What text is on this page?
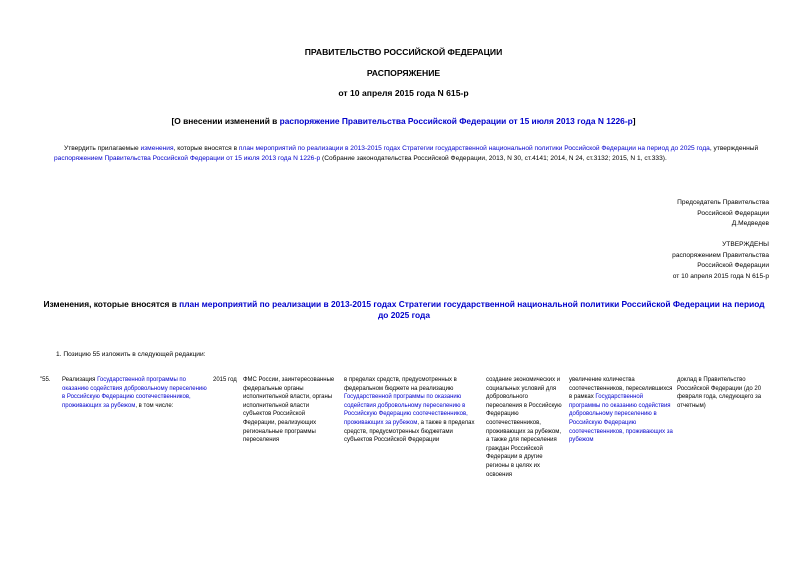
ПРАВИТЕЛЬСТВО РОССИЙСКОЙ ФЕДЕРАЦИИ
РАСПОРЯЖЕНИЕ
от 10 апреля 2015 года N 615-р
[О внесении изменений в распоряжение Правительства Российской Федерации от 15 июля 2013 года N 1226-р]
Утвердить прилагаемые изменения, которые вносятся в план мероприятий по реализации в 2013-2015 годах Стратегии государственной национальной политики Российской Федерации на период до 2025 года, утвержденный распоряжением Правительства Российской Федерации от 15 июля 2013 года N 1226-р (Собрание законодательства Российской Федерации, 2013, N 30, ст.4141; 2014, N 24, ст.3132; 2015, N 1, ст.333).
Председатель Правительства
Российской Федерации
Д.Медведев
УТВЕРЖДЕНЫ
распоряжением Правительства
Российской Федерации
от 10 апреля 2015 года N 615-р
Изменения, которые вносятся в план мероприятий по реализации в 2013-2015 годах Стратегии государственной национальной политики Российской Федерации на период до 2025 года
1. Позицию 55 изложить в следующей редакции:
"55.	Реализация Государственной программы по оказанию содействия добровольному переселению в Российскую Федерацию соотечественников, проживающих за рубежом, в том числе:
2015 год	ФМС России, заинтересованные федеральные органы исполнительной власти, органы исполнительной власти субъектов Российской Федерации, реализующих региональные программы переселения
в пределах средств, предусмотренных в федеральном бюджете на реализацию Государственной программы по оказанию содействия добровольному переселению в Российскую Федерацию соотечественников, проживающих за рубежом, а также в пределах средств, предусмотренных бюджетами субъектов Российской Федерации
создание экономических и социальных условий для добровольного переселения в Российскую Федерацию соотечественников, проживающих за рубежом, а также для переселения граждан Российской Федерации в другие регионы в целях их освоения
увеличение количества соотечественников, переселившихся в рамках Государственной программы по оказанию содействия добровольному переселению в Российскую Федерацию соотечественников, проживающих за рубежом
доклад в Правительство Российской Федерации (до 20 февраля года, следующего за отчетным)
